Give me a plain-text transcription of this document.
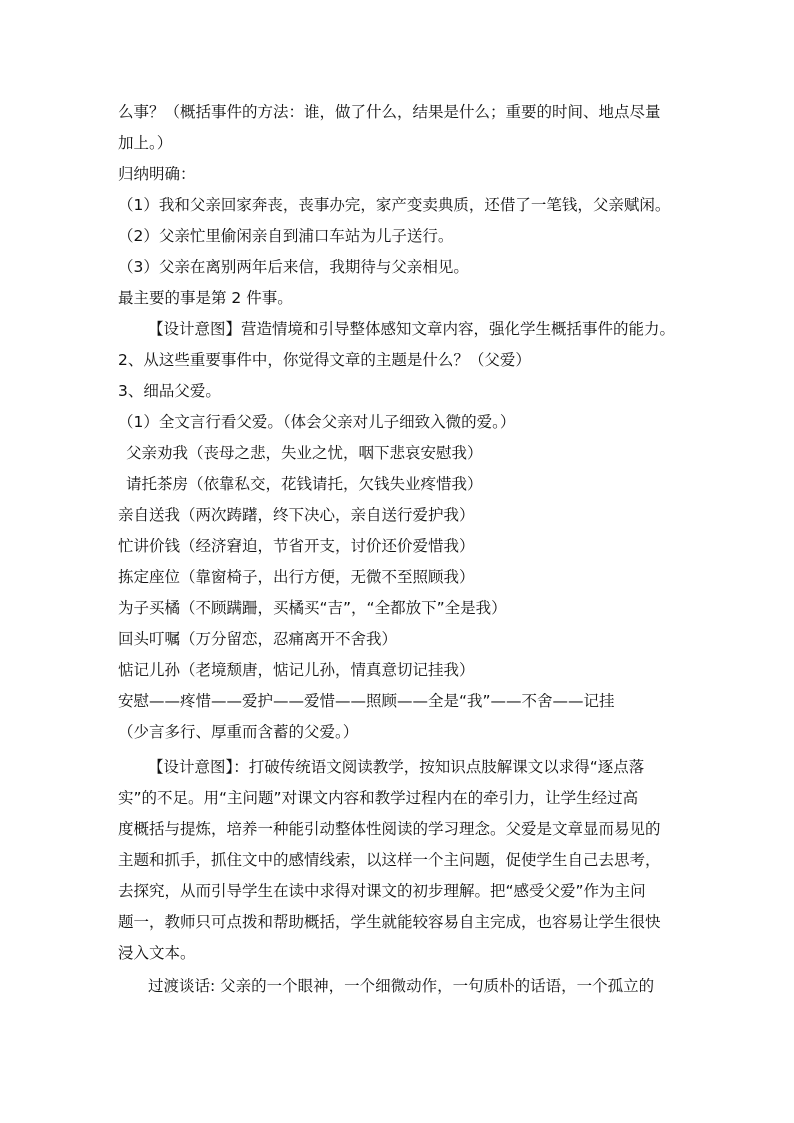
么事？（概括事件的方法：谁，做了什么，结果是什么；重要的时间、地点尽量
加上。）
归纳明确：
（1）我和父亲回家奔丧，丧事办完，家产变卖典质，还借了一笔钱，父亲赋闲。
（2）父亲忙里偷闲亲自到浦口车站为儿子送行。
（3）父亲在离别两年后来信，我期待与父亲相见。
最主要的事是第 2 件事。
【设计意图】营造情境和引导整体感知文章内容，强化学生概括事件的能力。
2、从这些重要事件中，你觉得文章的主题是什么？（父爱）
3、细品父爱。
（1）全文言行看父爱。（体会父亲对儿子细致入微的爱。）
父亲劝我（丧母之悲，失业之忧，咽下悲哀安慰我）
请托茶房（依靠私交，花钱请托，欠钱失业疼惜我）
亲自送我（两次踌躇，终下决心，亲自送行爱护我）
忙讲价钱（经济窘迫，节省开支，讨价还价爱惜我）
拣定座位（靠窗椅子，出行方便，无微不至照顾我）
为子买橘（不顾蹒跚，买橘买“吉”，“全都放下”全是我）
回头叮嘱（万分留恋，忍痛离开不舍我）
惦记儿孙（老境颓唐，惦记儿孙，情真意切记挂我）
安慰——疼惜——爱护——爱惜——照顾——全是“我”——不舍——记挂
（少言多行、厚重而含蓄的父爱。）
【设计意图】：打破传统语文阅读教学，按知识点肢解课文以求得“逐点落
实”的不足。用“主问题”对课文内容和教学过程内在的牵引力，让学生经过高
度概括与提炼，培养一种能引动整体性阅读的学习理念。父爱是文章显而易见的
主题和抓手，抓住文中的感情线索，以这样一个主问题，促使学生自己去思考，
去探究，从而引导学生在读中求得对课文的初步理解。把“感受父爱”作为主问
题一，教师只可点拨和帮助概括，学生就能较容易自主完成，也容易让学生很快
浸入文本。
过渡谈话: 父亲的一个眼神，一个细微动作，一句质朴的话语，一个孤立的
